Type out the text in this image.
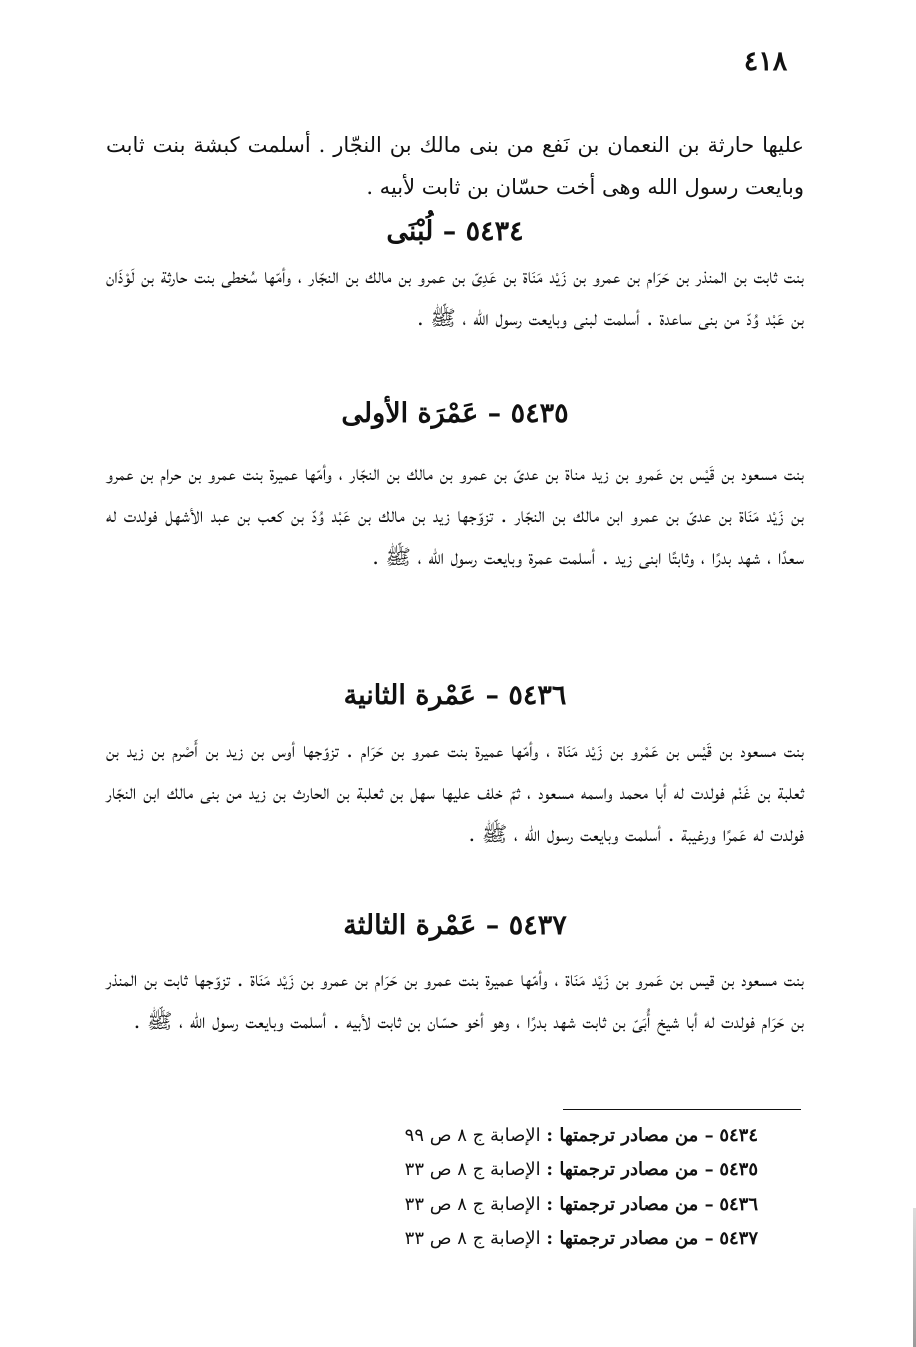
٤١٨
عليها حارثة بن النعمان بن نَفع من بنى مالك بن النجّار . أسلمت كبشة بنت ثابت وبايعت رسول الله وهى أخت حسّان بن ثابت لأبيه .
٥٤٣٤ – لُبْنَى
بنت ثابت بن المنذر بن حَرَام بن عمرو بن زَيْد مَنَاة بن عَدِىّ بن عمرو بن مالك بن النجّار ، وأمّها سُخطى بنت حارثة بن لَوْذَان بن عَبْد وُدّ من بنى ساعدة . أسلمت لبنى وبايعت رسول الله ، ﷺ .
٥٤٣٥ – عَمْرَة الأولى
بنت مسعود بن قَيْس بن عَمرو بن زيد مناة بن عدىّ بن عمرو بن مالك بن النجّار ، وأمّها عميرة بنت عمرو بن حرام بن عمرو بن زَيْد مَنَاة بن عدىّ بن عمرو ابن مالك بن النجّار . تزوّجها زيد بن مالك بن عَبْد وُدّ بن كعب بن عبد الأشهل فولدت له سعدًا ، شهد بدرًا ، وثابتًا ابنى زيد . أسلمت عمرة وبايعت رسول الله ، ﷺ .
٥٤٣٦ – عَمْرة الثانية
بنت مسعود بن قَيْس بن عَمْرو بن زَيْد مَنَاة ، وأمّها عميرة بنت عمرو بن حَرَام . تزوّجها أوس بن زيد بن أَصْرم بن زيد بن ثعلبة بن غَنْم فولدت له أبا محمد واسمه مسعود ، ثمّ خلف عليها سهل بن ثعلبة بن الحارث بن زيد من بنى مالك ابن النجّار فولدت له عَمرًا ورغيبة . أسلمت وبايعت رسول الله ، ﷺ .
٥٤٣٧ – عَمْرة الثالثة
بنت مسعود بن قيس بن عَمرو بن زَيْد مَنَاة ، وأمّها عميرة بنت عمرو بن حَرَام بن عمرو بن زَيْد مَنَاة . تزوّجها ثابت بن المنذر بن حَرَام فولدت له أبا شيخ أُبَىّ بن ثابت شهد بدرًا ، وهو أخو حسّان بن ثابت لأبيه . أسلمت وبايعت رسول الله ، ﷺ .
٥٤٣٤ – من مصادر ترجمتها : الإصابة ج ٨ ص ٩٩
٥٤٣٥ – من مصادر ترجمتها : الإصابة ج ٨ ص ٣٣
٥٤٣٦ – من مصادر ترجمتها : الإصابة ج ٨ ص ٣٣
٥٤٣٧ – من مصادر ترجمتها : الإصابة ج ٨ ص ٣٣
